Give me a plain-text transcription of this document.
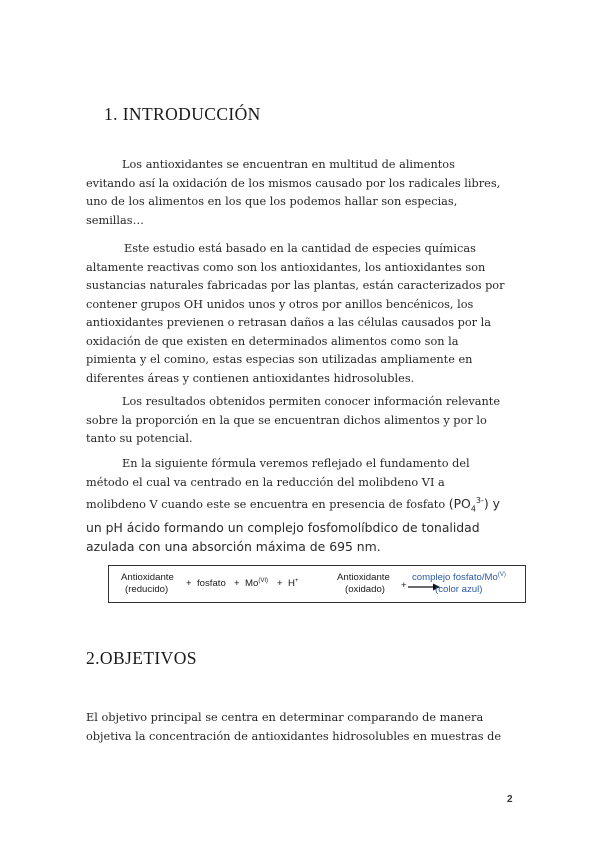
1. INTRODUCCIÓN

Los antioxidantes se encuentran en multitud de alimentos
evitando así la oxidación de los mismos causado por los radicales libres,
uno de los alimentos en los que los podemos hallar son especias,
semillas…

Este estudio está basado en la cantidad de especies químicas
altamente reactivas como son los antioxidantes, los antioxidantes son
sustancias naturales fabricadas por las plantas, están caracterizados por
contener grupos OH unidos unos y otros por anillos bencénicos, los
antioxidantes previenen o retrasan daños a las células causados por la
oxidación de que existen en determinados alimentos como son la
pimienta y el comino, estas especias son utilizadas ampliamente en
diferentes áreas y contienen antioxidantes hidrosolubles.

Los resultados obtenidos permiten conocer información relevante
sobre la proporción en la que se encuentran dichos alimentos y por lo
tanto su potencial.

En la siguiente fórmula veremos reflejado el fundamento del
método el cual va centrado en la reducción del molibdeno VI a
molibdeno V cuando este se encuentra en presencia de fosfato $(PO_4^{3-})$ y
un pH ácido formando un complejo fosfomolíbdico de tonalidad
azulada con una absorción máxima de 695 nm.

Antioxidante
(reducido)
+ fosfato + $Mo^{(VI)} + H^+$	Antioxidante
(oxidado) +
complejo fosfato/$Mo^{(V)}$
(color azul)
2.OBJETIVOS

El objetivo principal se centra en determinar comparando de manera
objetiva la concentración de antioxidantes hidrosolubles en muestras de

2
